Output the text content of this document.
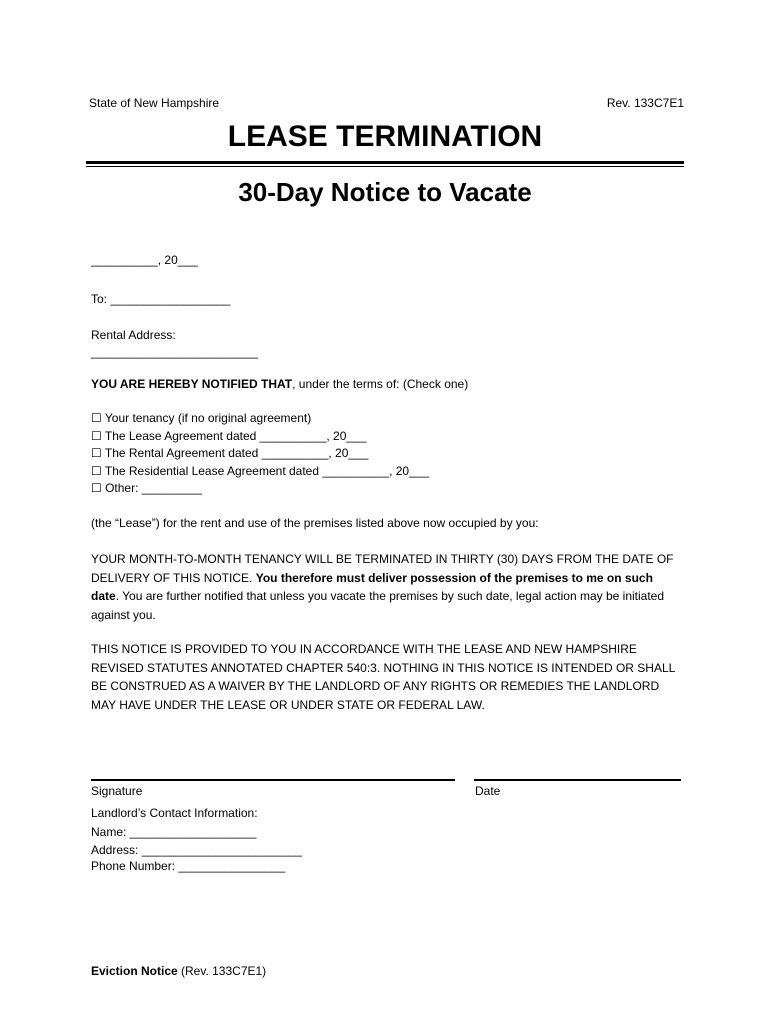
State of New Hampshire	Rev. 133C7E1
LEASE TERMINATION
30-Day Notice to Vacate
__________, 20___
To: __________________
Rental Address:
_________________________
YOU ARE HEREBY NOTIFIED THAT, under the terms of: (Check one)
☐ Your tenancy (if no original agreement)
☐ The Lease Agreement dated __________, 20___
☐ The Rental Agreement dated __________, 20___
☐ The Residential Lease Agreement dated __________, 20___
☐ Other: _________
(the “Lease”) for the rent and use of the premises listed above now occupied by you:
YOUR MONTH-TO-MONTH TENANCY WILL BE TERMINATED IN THIRTY (30) DAYS FROM THE DATE OF DELIVERY OF THIS NOTICE. You therefore must deliver possession of the premises to me on such date. You are further notified that unless you vacate the premises by such date, legal action may be initiated against you.
THIS NOTICE IS PROVIDED TO YOU IN ACCORDANCE WITH THE LEASE AND NEW HAMPSHIRE REVISED STATUTES ANNOTATED CHAPTER 540:3. NOTHING IN THIS NOTICE IS INTENDED OR SHALL BE CONSTRUED AS A WAIVER BY THE LANDLORD OF ANY RIGHTS OR REMEDIES THE LANDLORD MAY HAVE UNDER THE LEASE OR UNDER STATE OR FEDERAL LAW.
Signature	Date
Landlord’s Contact Information:
Name: ___________________
Address: ________________________
Phone Number: ________________
Eviction Notice (Rev. 133C7E1)
